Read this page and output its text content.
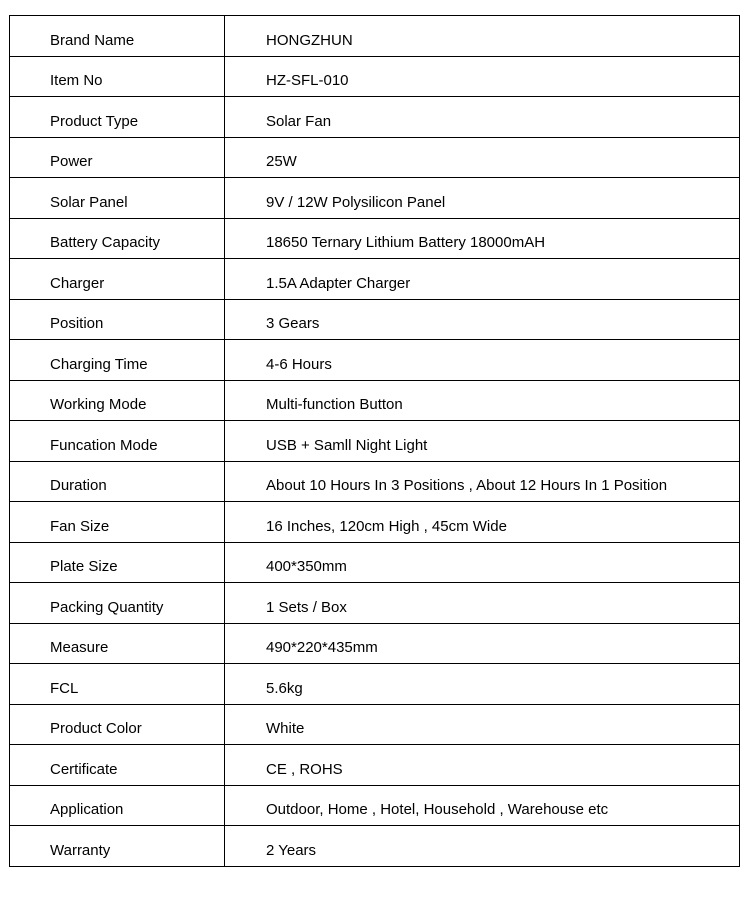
Brand Name	HONGZHUN
Item No	HZ-SFL-010
Product Type	Solar Fan
Power	25W
Solar Panel	9V / 12W Polysilicon Panel
Battery Capacity	18650 Ternary Lithium Battery 18000mAH
Charger	1.5A Adapter Charger
Position	3 Gears
Charging Time	4-6 Hours
Working Mode	Multi-function Button
Funcation Mode	USB + Samll Night Light
Duration	About 10 Hours In 3 Positions , About 12 Hours In 1 Position
Fan Size	16 Inches, 120cm High , 45cm Wide
Plate Size	400*350mm
Packing Quantity	1 Sets / Box
Measure	490*220*435mm
FCL	5.6kg
Product Color	White
Certificate	CE , ROHS
Application	Outdoor, Home , Hotel, Household , Warehouse etc
Warranty	2 Years
